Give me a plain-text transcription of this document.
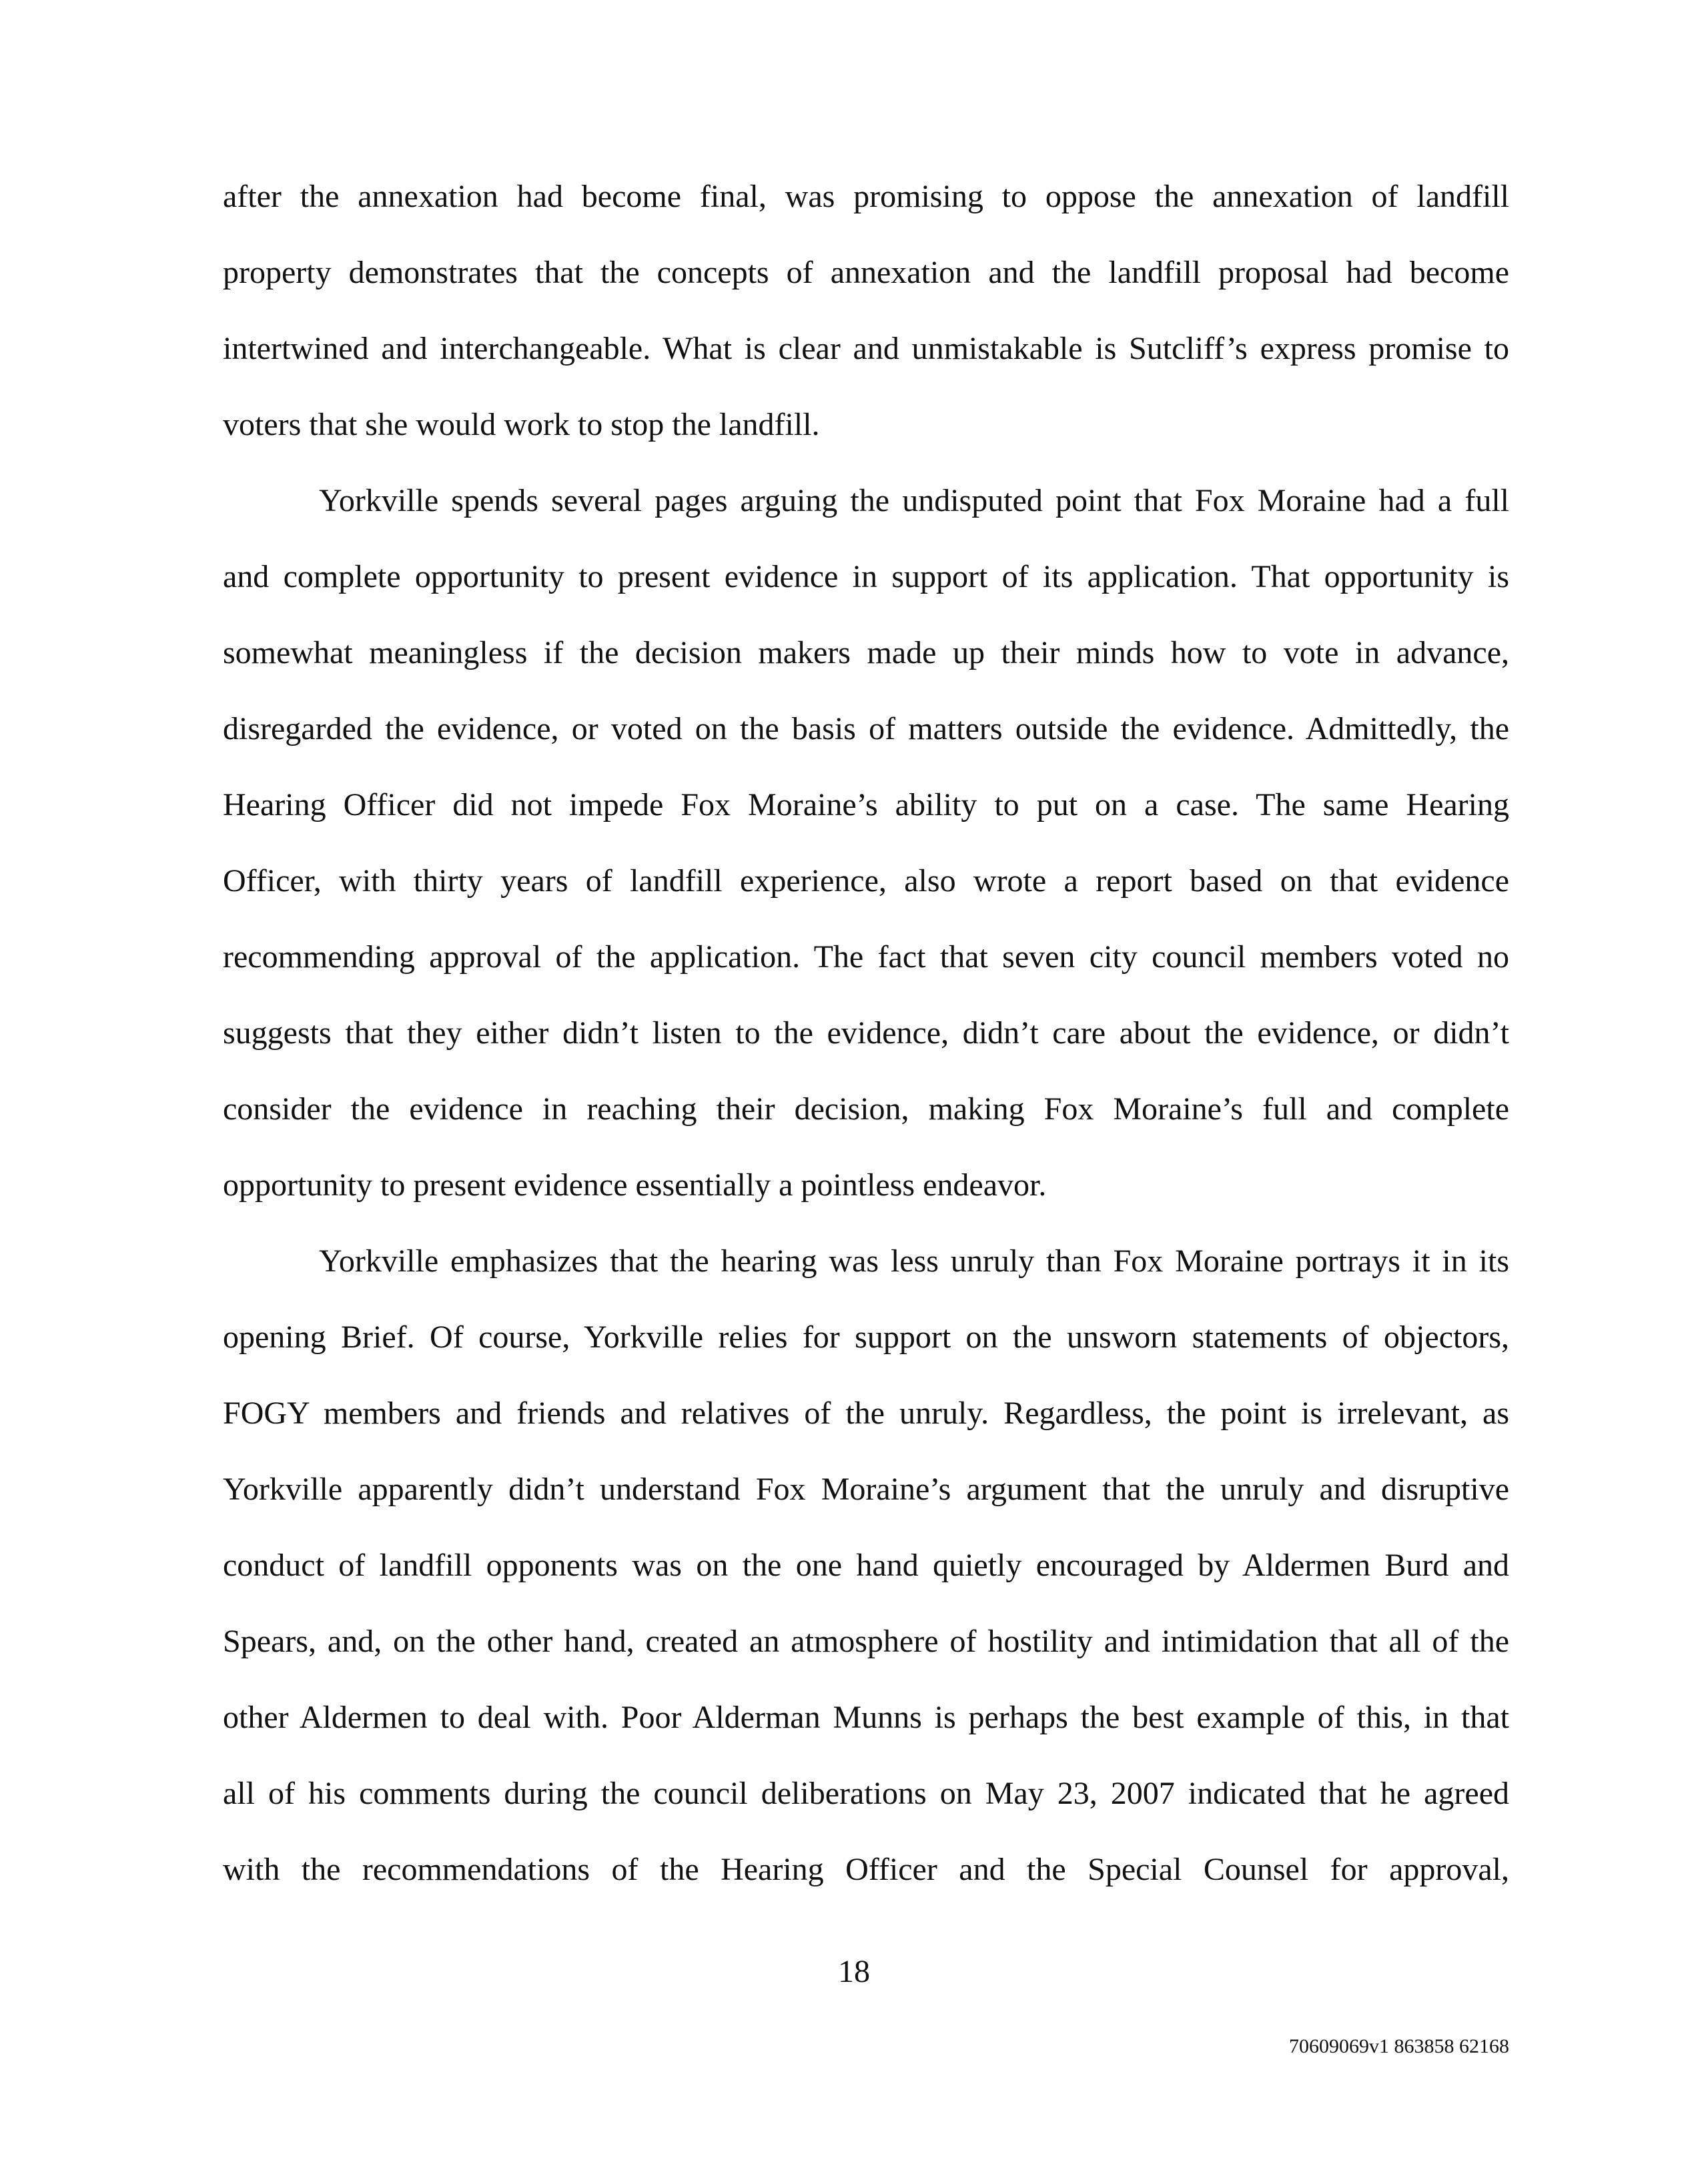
after the annexation had become final, was promising to oppose the annexation of landfill
property demonstrates that the concepts of annexation and the landfill proposal had become
intertwined and interchangeable. What is clear and unmistakable is Sutcliff’s express promise to
voters that she would work to stop the landfill.
Yorkville spends several pages arguing the undisputed point that Fox Moraine had a full
and complete opportunity to present evidence in support of its application. That opportunity is
somewhat meaningless if the decision makers made up their minds how to vote in advance,
disregarded the evidence, or voted on the basis of matters outside the evidence. Admittedly, the
Hearing Officer did not impede Fox Moraine’s ability to put on a case. The same Hearing
Officer, with thirty years of landfill experience, also wrote a report based on that evidence
recommending approval of the application. The fact that seven city council members voted no
suggests that they either didn’t listen to the evidence, didn’t care about the evidence, or didn’t
consider the evidence in reaching their decision, making Fox Moraine’s full and complete
opportunity to present evidence essentially a pointless endeavor.
Yorkville emphasizes that the hearing was less unruly than Fox Moraine portrays it in its
opening Brief. Of course, Yorkville relies for support on the unsworn statements of objectors,
FOGY members and friends and relatives of the unruly. Regardless, the point is irrelevant, as
Yorkville apparently didn’t understand Fox Moraine’s argument that the unruly and disruptive
conduct of landfill opponents was on the one hand quietly encouraged by Aldermen Burd and
Spears, and, on the other hand, created an atmosphere of hostility and intimidation that all of the
other Aldermen to deal with. Poor Alderman Munns is perhaps the best example of this, in that
all of his comments during the council deliberations on May 23, 2007 indicated that he agreed
with the recommendations of the Hearing Officer and the Special Counsel for approval,
18
70609069v1 863858 62168
